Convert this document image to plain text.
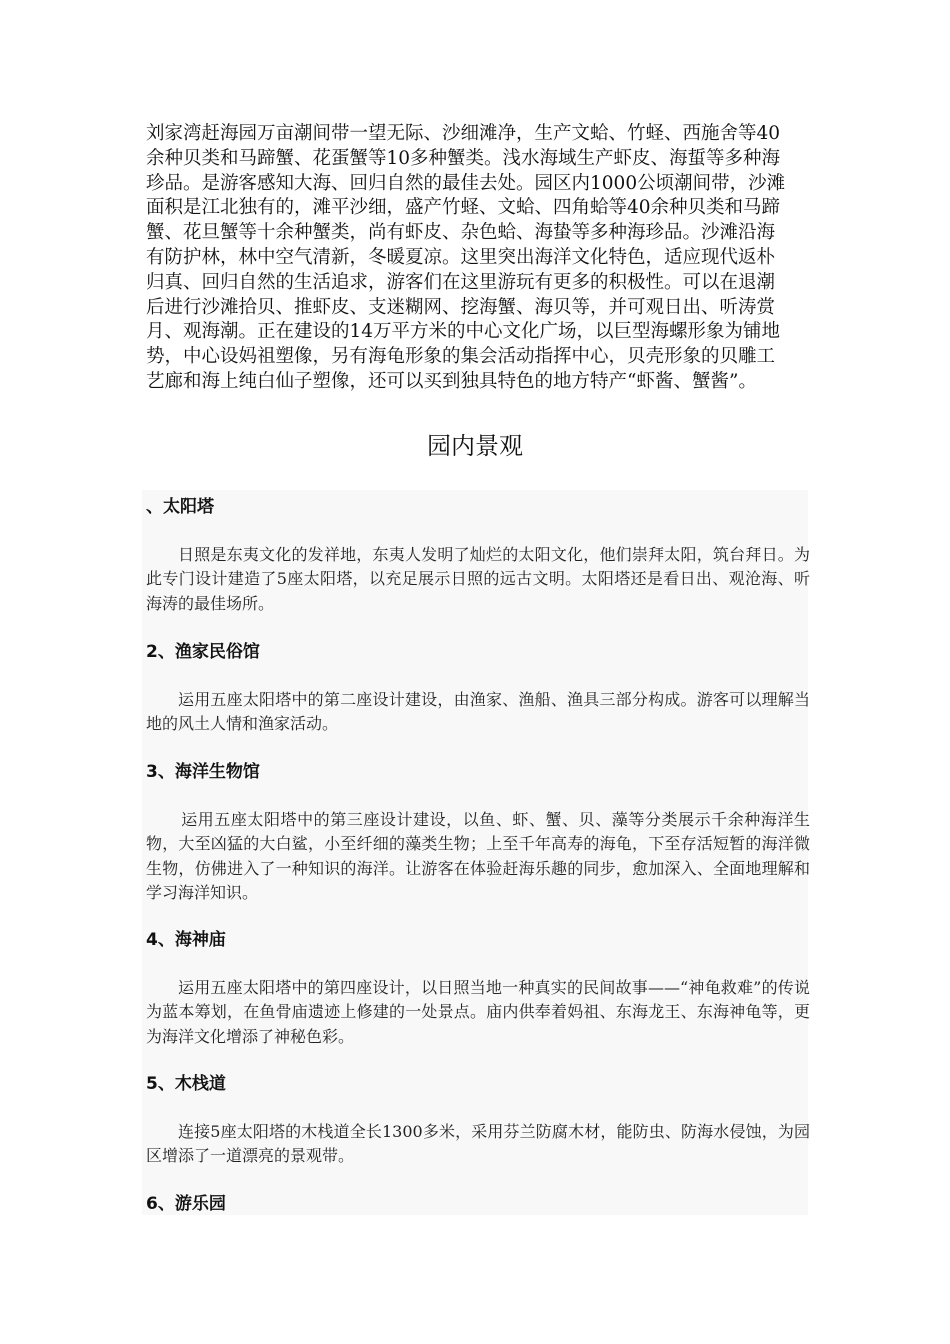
刘家湾赶海园万亩潮间带一望无际、沙细滩净，生产文蛤、竹蛏、西施舍等40
余种贝类和马蹄蟹、花蛋蟹等10多种蟹类。浅水海域生产虾皮、海蜇等多种海
珍品。是游客感知大海、回归自然的最佳去处。园区内1000公顷潮间带，沙滩
面积是江北独有的，滩平沙细，盛产竹蛏、文蛤、四角蛤等40余种贝类和马蹄
蟹、花旦蟹等十余种蟹类，尚有虾皮、杂色蛤、海蛰等多种海珍品。沙滩沿海
有防护林，林中空气清新，冬暖夏凉。这里突出海洋文化特色，适应现代返朴
归真、回归自然的生活追求，游客们在这里游玩有更多的积极性。可以在退潮
后进行沙滩拾贝、推虾皮、支迷糊网、挖海蟹、海贝等，并可观日出、听涛赏
月、观海潮。正在建设的14万平方米的中心文化广场，以巨型海螺形象为铺地
势，中心设妈祖塑像，另有海龟形象的集会活动指挥中心，贝壳形象的贝雕工
艺廊和海上纯白仙子塑像，还可以买到独具特色的地方特产“虾酱、蟹酱”。
园内景观

、太阳塔

日照是东夷文化的发祥地，东夷人发明了灿烂的太阳文化，他们崇拜太阳，筑台拜日。为此专门设计建造了5座太阳塔，以充足展示日照的远古文明。太阳塔还是看日出、观沧海、听海涛的最佳场所。

2、渔家民俗馆

运用五座太阳塔中的第二座设计建设，由渔家、渔船、渔具三部分构成。游客可以理解当地的风土人情和渔家活动。

3、海洋生物馆

运用五座太阳塔中的第三座设计建设，以鱼、虾、蟹、贝、藻等分类展示千余种海洋生物，大至凶猛的大白鲨，小至纤细的藻类生物；上至千年高寿的海龟，下至存活短暂的海洋微生物，仿佛进入了一种知识的海洋。让游客在体验赶海乐趣的同步，愈加深入、全面地理解和学习海洋知识。

4、海神庙

运用五座太阳塔中的第四座设计，以日照当地一种真实的民间故事——“神龟救难”的传说为蓝本筹划，在鱼骨庙遗迹上修建的一处景点。庙内供奉着妈祖、东海龙王、东海神龟等，更为海洋文化增添了神秘色彩。

5、木栈道

连接5座太阳塔的木栈道全长1300多米，采用芬兰防腐木材，能防虫、防海水侵蚀，为园区增添了一道漂亮的景观带。

6、游乐园
